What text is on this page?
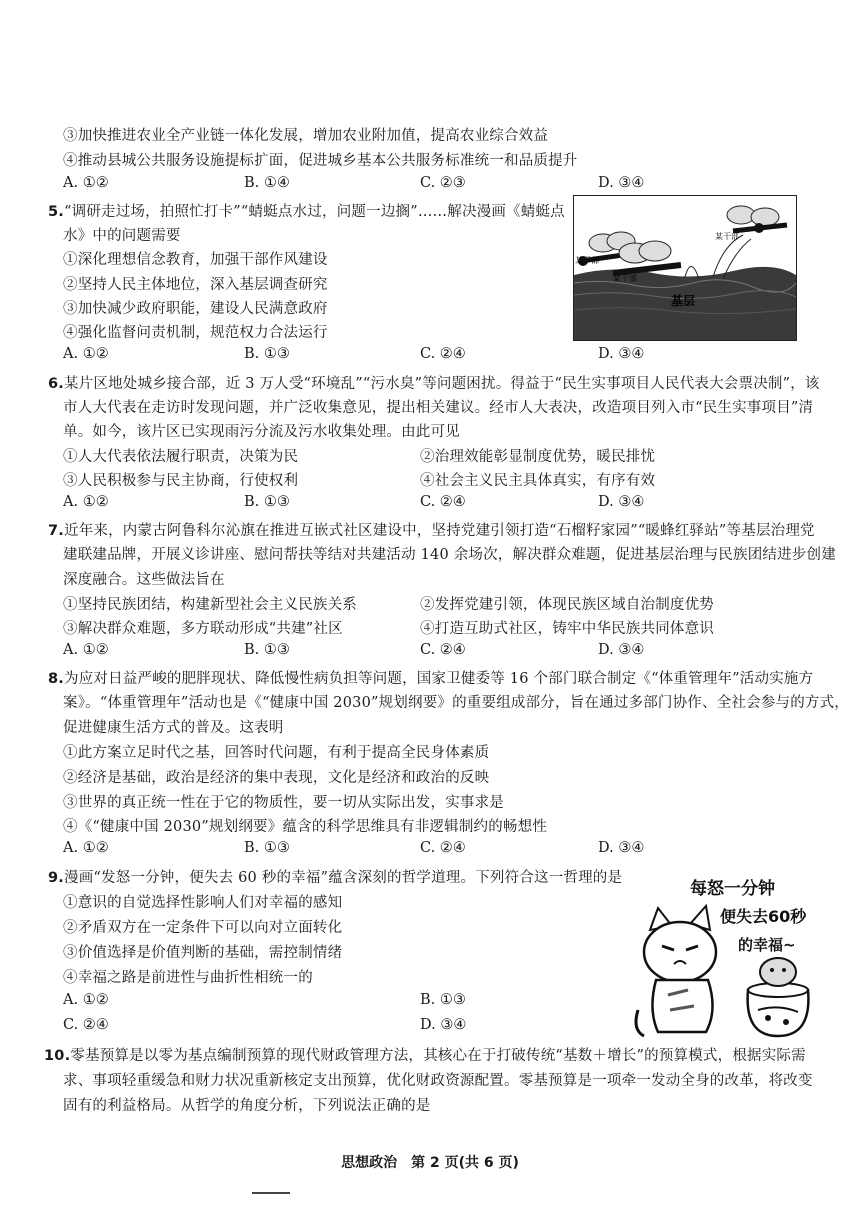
③加快推进农业全产业链一体化发展，增加农业附加值，提高农业综合效益
④推动县城公共服务设施提标扩面，促进城乡基本公共服务标准统一和品质提升
A. ①②	B. ①④	C. ②③	D. ③④
5.“调研走过场，拍照忙打卡”“蜻蜓点水过，问题一边搁”……解决漫画《蜻蜓点
水》中的问题需要
①深化理想信念教育，加强干部作风建设
②坚持人民主体地位，深入基层调查研究
③加快减少政府职能，建设人民满意政府
④强化监督问责机制，规范权力合法运行
A. ①②	B. ①③	C. ②④	D. ③④
某干部
某干部
某干部
基层
6.某片区地处城乡接合部，近 3 万人受“环境乱”“污水臭”等问题困扰。得益于“民生实事项目人民代表大会票决制”，该
市人大代表在走访时发现问题，并广泛收集意见，提出相关建议。经市人大表决，改造项目列入市“民生实事项目”清
单。如今，该片区已实现雨污分流及污水收集处理。由此可见
①人大代表依法履行职责，决策为民	②治理效能彰显制度优势，暖民排忧
③人民积极参与民主协商，行使权利	④社会主义民主具体真实，有序有效
A. ①②	B. ①③	C. ②④	D. ③④
7.近年来，内蒙古阿鲁科尔沁旗在推进互嵌式社区建设中，坚持党建引领打造“石榴籽家园”“暖蜂红驿站”等基层治理党
建联建品牌，开展义诊讲座、慰问帮扶等结对共建活动 140 余场次，解决群众难题，促进基层治理与民族团结进步创建
深度融合。这些做法旨在
①坚持民族团结，构建新型社会主义民族关系	②发挥党建引领，体现民族区域自治制度优势
③解决群众难题，多方联动形成“共建”社区	④打造互助式社区，铸牢中华民族共同体意识
A. ①②	B. ①③	C. ②④	D. ③④
8.为应对日益严峻的肥胖现状、降低慢性病负担等问题，国家卫健委等 16 个部门联合制定《“体重管理年”活动实施方
案》。“体重管理年”活动也是《“健康中国 2030”规划纲要》的重要组成部分，旨在通过多部门协作、全社会参与的方式，
促进健康生活方式的普及。这表明
①此方案立足时代之基，回答时代问题，有利于提高全民身体素质
②经济是基础，政治是经济的集中表现，文化是经济和政治的反映
③世界的真正统一性在于它的物质性，要一切从实际出发，实事求是
④《“健康中国 2030”规划纲要》蕴含的科学思维具有非逻辑制约的畅想性
A. ①②	B. ①③	C. ②④	D. ③④
9.漫画“发怒一分钟，便失去 60 秒的幸福”蕴含深刻的哲学道理。下列符合这一哲理的是
①意识的自觉选择性影响人们对幸福的感知
②矛盾双方在一定条件下可以向对立面转化
③价值选择是价值判断的基础，需控制情绪
④幸福之路是前进性与曲折性相统一的
A. ①②	B. ①③
C. ②④	D. ③④
每怒一分钟
便失去60秒
的幸福~
10.零基预算是以零为基点编制预算的现代财政管理方法，其核心在于打破传统“基数＋增长”的预算模式，根据实际需
求、事项轻重缓急和财力状况重新核定支出预算，优化财政资源配置。零基预算是一项牵一发动全身的改革，将改变
固有的利益格局。从哲学的角度分析，下列说法正确的是
思想政治　第 2 页(共 6 页)
